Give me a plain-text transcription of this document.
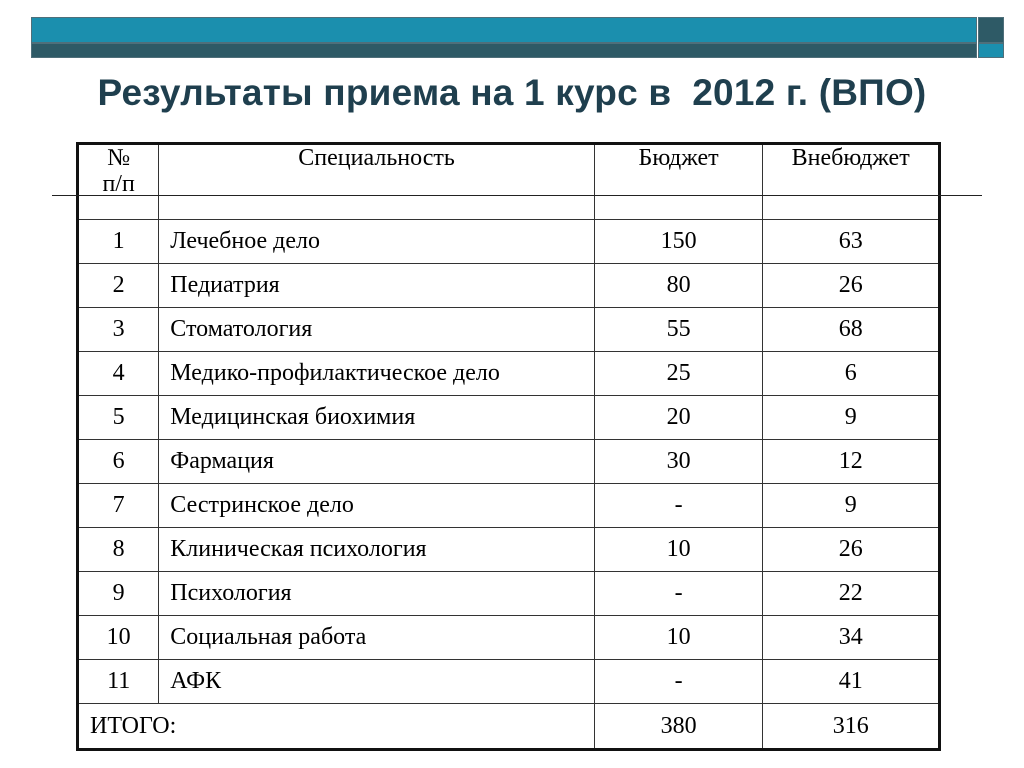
Результаты приема на 1 курс в  2012 г. (ВПО)
№
п/п	Специальность	Бюджет	Внебюджет
1	Лечебное дело	150	63
2	Педиатрия	80	26
3	Стоматология	55	68
4	Медико-профилактическое дело	25	6
5	Медицинская биохимия	20	9
6	Фармация	30	12
7	Сестринское дело	-	9
8	Клиническая психология	10	26
9	Психология	-	22
10	Социальная работа	10	34
11	АФК	-	41
ИТОГО:		380	316
